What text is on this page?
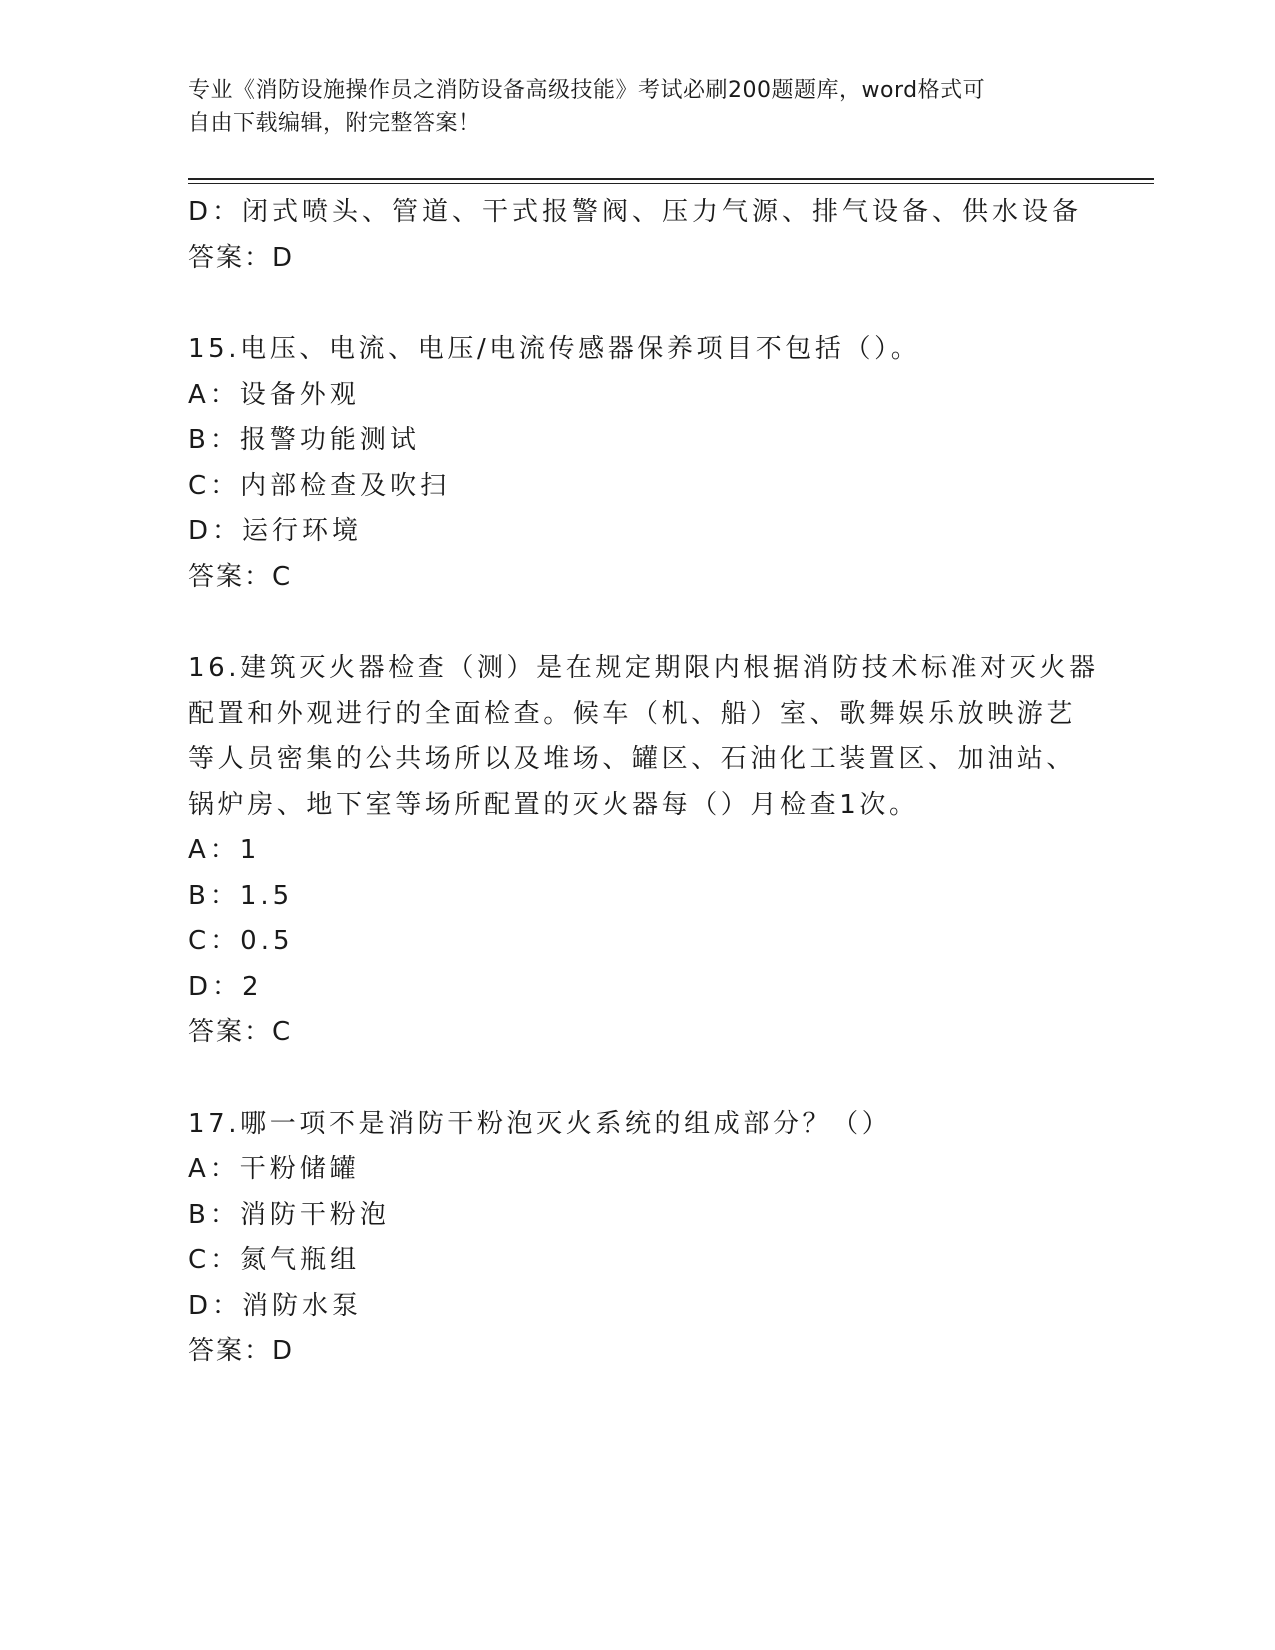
专业《消防设施操作员之消防设备高级技能》考试必刷200题题库，word格式可
自由下载编辑，附完整答案！
D：闭式喷头、管道、干式报警阀、压力气源、排气设备、供水设备
答案：D
15.电压、电流、电压/电流传感器保养项目不包括（）。
A：设备外观
B：报警功能测试
C：内部检查及吹扫
D：运行环境
答案：C
16.建筑灭火器检查（测）是在规定期限内根据消防技术标准对灭火器
配置和外观进行的全面检查。候车（机、船）室、歌舞娱乐放映游艺
等人员密集的公共场所以及堆场、罐区、石油化工装置区、加油站、
锅炉房、地下室等场所配置的灭火器每（）月检查1次。
A：1
B：1.5
C：0.5
D：2
答案：C
17.哪一项不是消防干粉泡灭火系统的组成部分？（）
A：干粉储罐
B：消防干粉泡
C：氮气瓶组
D：消防水泵
答案：D
